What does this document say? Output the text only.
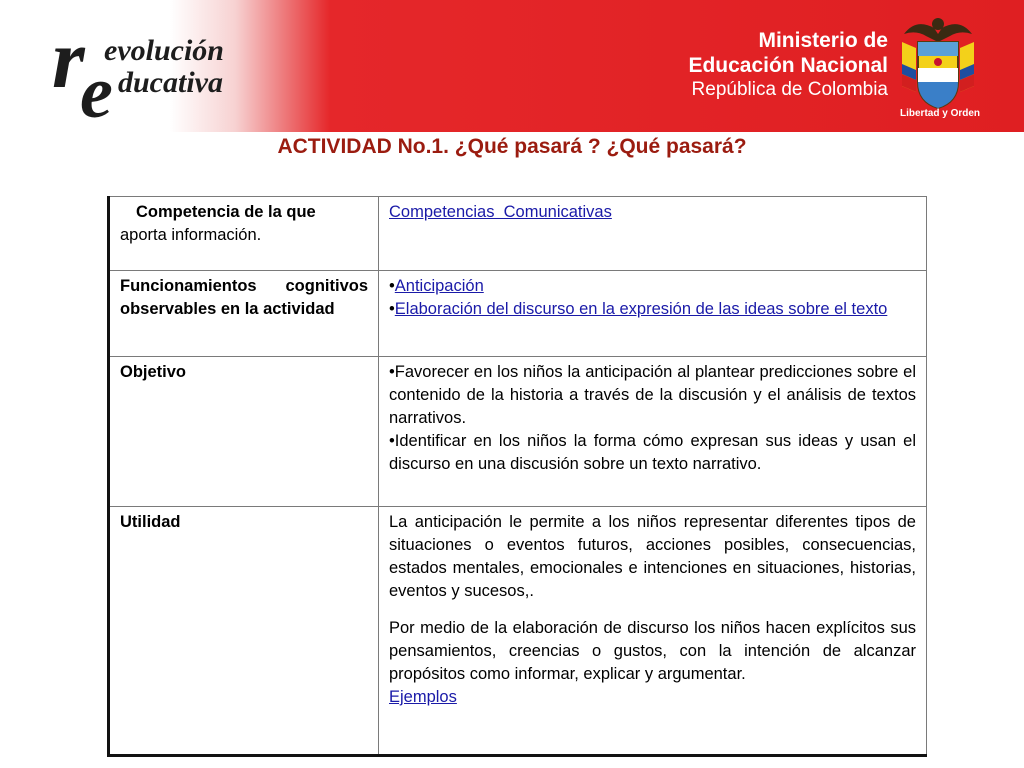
r
e
evolución
ducativa
Ministerio de
Educación Nacional
República de Colombia
Libertad y Orden
ACTIVIDAD No.1. ¿Qué pasará ? ¿Qué pasará?
Competencia de la que
aporta información.	Competencias  Comunicativas
Funcionamientos cognitivos observables en la actividad	•Anticipación
•Elaboración del discurso en la expresión de las ideas sobre el texto

Objetivo	•Favorecer en los niños la anticipación al plantear predicciones sobre el contenido de la historia a través de la discusión y el análisis de textos narrativos.
•Identificar en los niños la forma cómo expresan sus ideas y usan el discurso en una discusión sobre un texto narrativo.

Utilidad	La anticipación le permite a los niños representar diferentes tipos de situaciones o eventos futuros, acciones posibles, consecuencias, estados mentales, emocionales e intenciones en situaciones, historias, eventos y sucesos,.
Por medio de la elaboración de discurso los niños hacen explícitos sus pensamientos, creencias o gustos, con la intención de alcanzar propósitos como informar, explicar y argumentar.
Ejemplos
